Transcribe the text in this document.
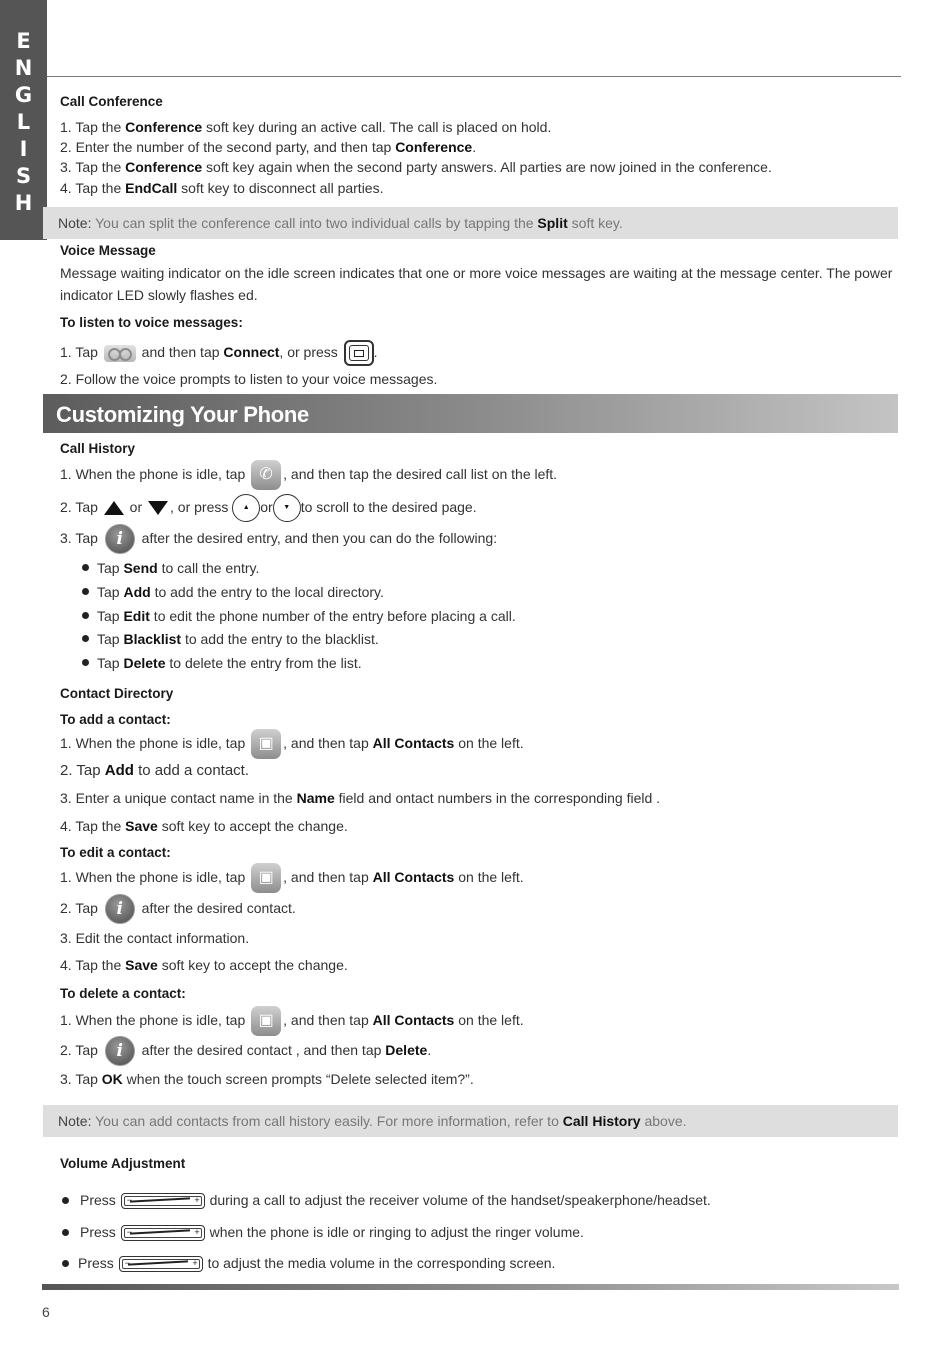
E
N
G
L
I
S
H
Call Conference
1. Tap the Conference soft key during an active call. The call is placed on hold.
2. Enter the number of the second party, and then tap Conference.
3. Tap the Conference soft key again when the second party answers. All parties are now joined in the conference.
4. Tap the EndCall soft key to disconnect all parties.
Note: You can split the conference call into two individual calls by tapping the Split soft key.
Voice Message
Message waiting indicator on the idle screen indicates that one or more voice messages are waiting at the message center. The power
indicator LED slowly flashes ed.
To listen to voice messages:
1. Tap	and then tap Connect, or press
.
2. Follow the voice prompts to listen to your voice messages.
Customizing Your Phone
Call History
1. When the phone is idle, tap ✆ , and then tap the desired call list on the left.
2. Tap  or , or press ▲ or ▼ to scroll to the desired page.
3. Tap i after the desired entry, and then you can do the following:
Tap Send to call the entry.
Tap Add to add the entry to the local directory.
Tap Edit to edit the phone number of the entry before placing a call.
Tap Blacklist to add the entry to the blacklist.
Tap Delete to delete the entry from the list.
Contact Directory
To add a contact:
1. When the phone is idle, tap ▣ , and then tap All Contacts on the left.
2. Tap Add to add a contact.
3. Enter a unique contact name in the Name field and ontact numbers in the corresponding field .
4. Tap the Save soft key to accept the change.
To edit a contact:
1. When the phone is idle, tap ▣ , and then tap All Contacts on the left.
2. Tap i after the desired contact.
3. Edit the contact information.
4. Tap the Save soft key to accept the change.
To delete a contact:
1. When the phone is idle, tap ▣ , and then tap All Contacts on the left.
2. Tap i after the desired contact , and then tap Delete.
3. Tap OK when the touch screen prompts “Delete selected item?”.
Note: You can add contacts from call history easily. For more information, refer to Call History above.
Volume Adjustment
Press −	+ during a call to adjust the receiver volume of the handset/speakerphone/headset.
Press −	+ when the phone is idle or ringing to adjust the ringer volume.
Press −	+ to adjust the media volume in the corresponding screen.
6
